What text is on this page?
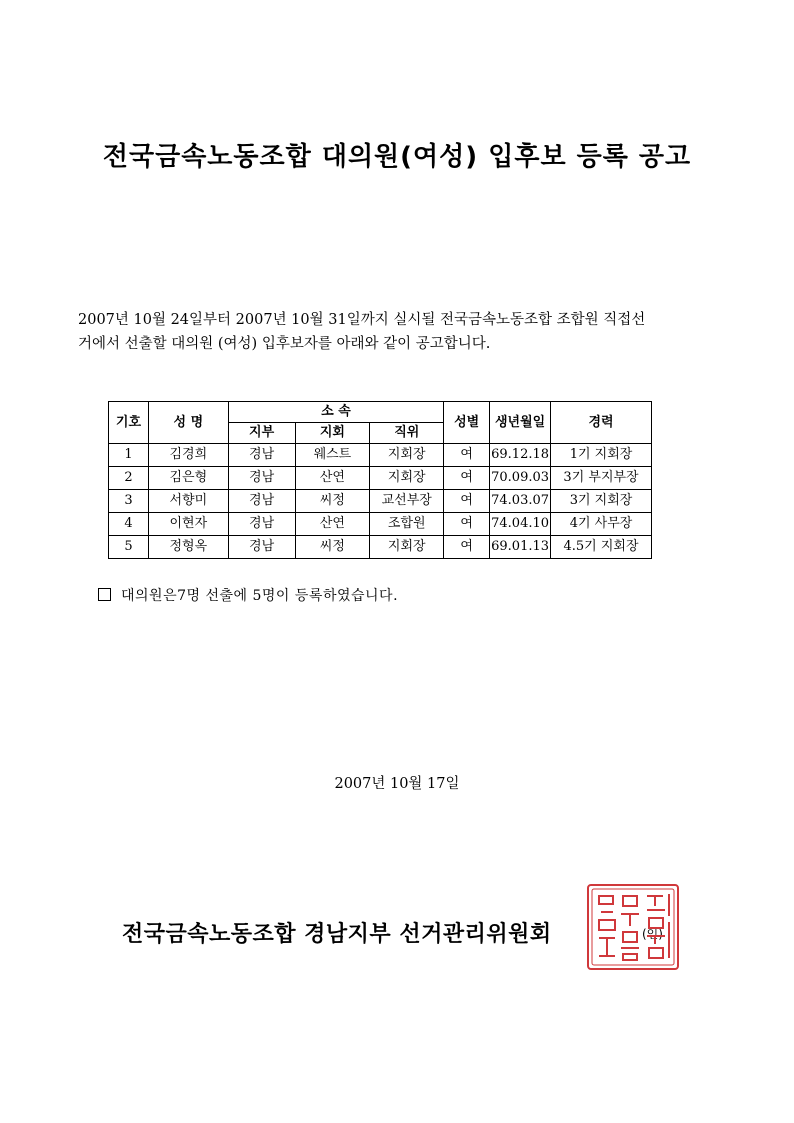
전국금속노동조합 대의원(여성) 입후보 등록 공고
2007년 10월 24일부터 2007년 10월 31일까지 실시될 전국금속노동조합 조합원 직접선
거에서 선출할 대의원 (여성) 입후보자를 아래와 같이 공고합니다.
기호	성 명	소 속			성별	생년월일	경력
		지부	지회	직위			
1	김경희	경남	웨스트	지회장	여	69.12.18	1기 지회장
2	김은형	경남	산연	지회장	여	70.09.03	3기 부지부장
3	서향미	경남	씨정	교선부장	여	74.03.07	3기 지회장
4	이현자	경남	산연	조합원	여	74.04.10	4기 사무장
5	정형옥	경남	씨정	지회장	여	69.01.13	4.5기 지회장
대의원은7명 선출에 5명이 등록하였습니다.
2007년 10월 17일
전국금속노동조합 경남지부 선거관리위원회	(인)
